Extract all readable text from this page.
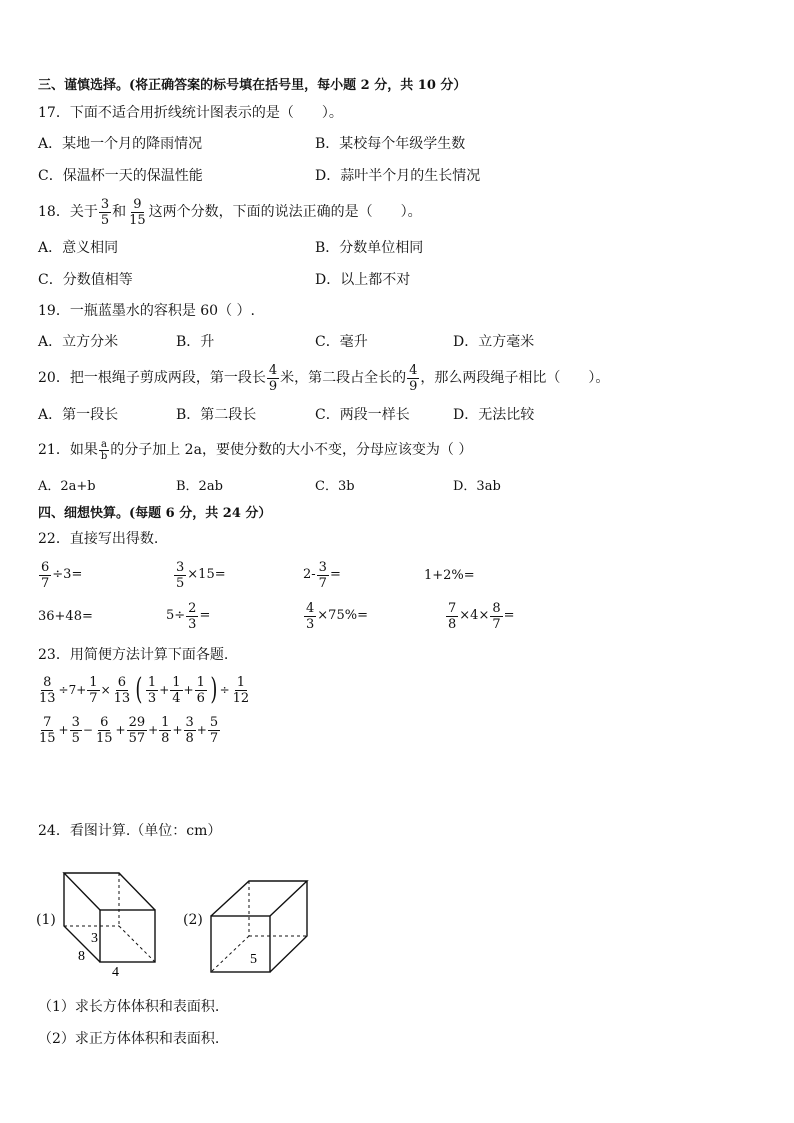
三、谨慎选择。(将正确答案的标号填在括号里，每小题 2 分，共 10 分）
17．下面不适合用折线统计图表示的是（　　）。
A．某地一个月的降雨情况	B．某校每个年级学生数
C．保温杯一天的保温性能	D．蒜叶半个月的生长情况
18．关于 $\frac{3}{5}$ 和 $\frac{9}{15}$ 这两个分数，下面的说法正确的是（　　）。
A．意义相同	B．分数单位相同
C．分数值相等	D．以上都不对
19．一瓶蓝墨水的容积是 60（ ）.
A．立方分米	B．升	C．毫升	D．立方毫米
20．把一根绳子剪成两段，第一段长 $\frac{4}{9}$ 米，第二段占全长的 $\frac{4}{9}$ ，那么两段绳子相比（　　）。
A．第一段长	B．第二段长	C．两段一样长	D．无法比较
21．如果 $\frac{a}{b}$ 的分子加上 2a，要使分数的大小不变，分母应该变为（ ）
A．2a+b	B．2ab	C．3b	D．3ab
四、细想快算。(每题 6 分，共 24 分）
22．直接写出得数.
$\frac{6}{7} \div 3=$	$\frac{3}{5} \times 15=$	$2- \frac{3}{7}$ =	1+2%=
36+48=	$5\div \frac{2}{3}$ =	$\frac{4}{3} \times 75\%=$	$\frac{7}{8} \times 4\times \frac{8}{7}$ =
23．用简便方法计算下面各题.
$\frac{8}{13} \div 7+ \frac{1}{7} \times \frac{6}{13}$ ( $\frac{1}{3} + \frac{1}{4} + \frac{1}{6}$ ) ÷ $\frac{1}{12}$
$\frac{7}{15} + \frac{3}{5} - \frac{6}{15} + \frac{29}{57} + \frac{1}{8} + \frac{3}{8} + \frac{5}{7}$
24．看图计算.（单位：cm）
(1)
3
8
4
(2)
5
（1）求长方体体积和表面积.
（2）求正方体体积和表面积.
